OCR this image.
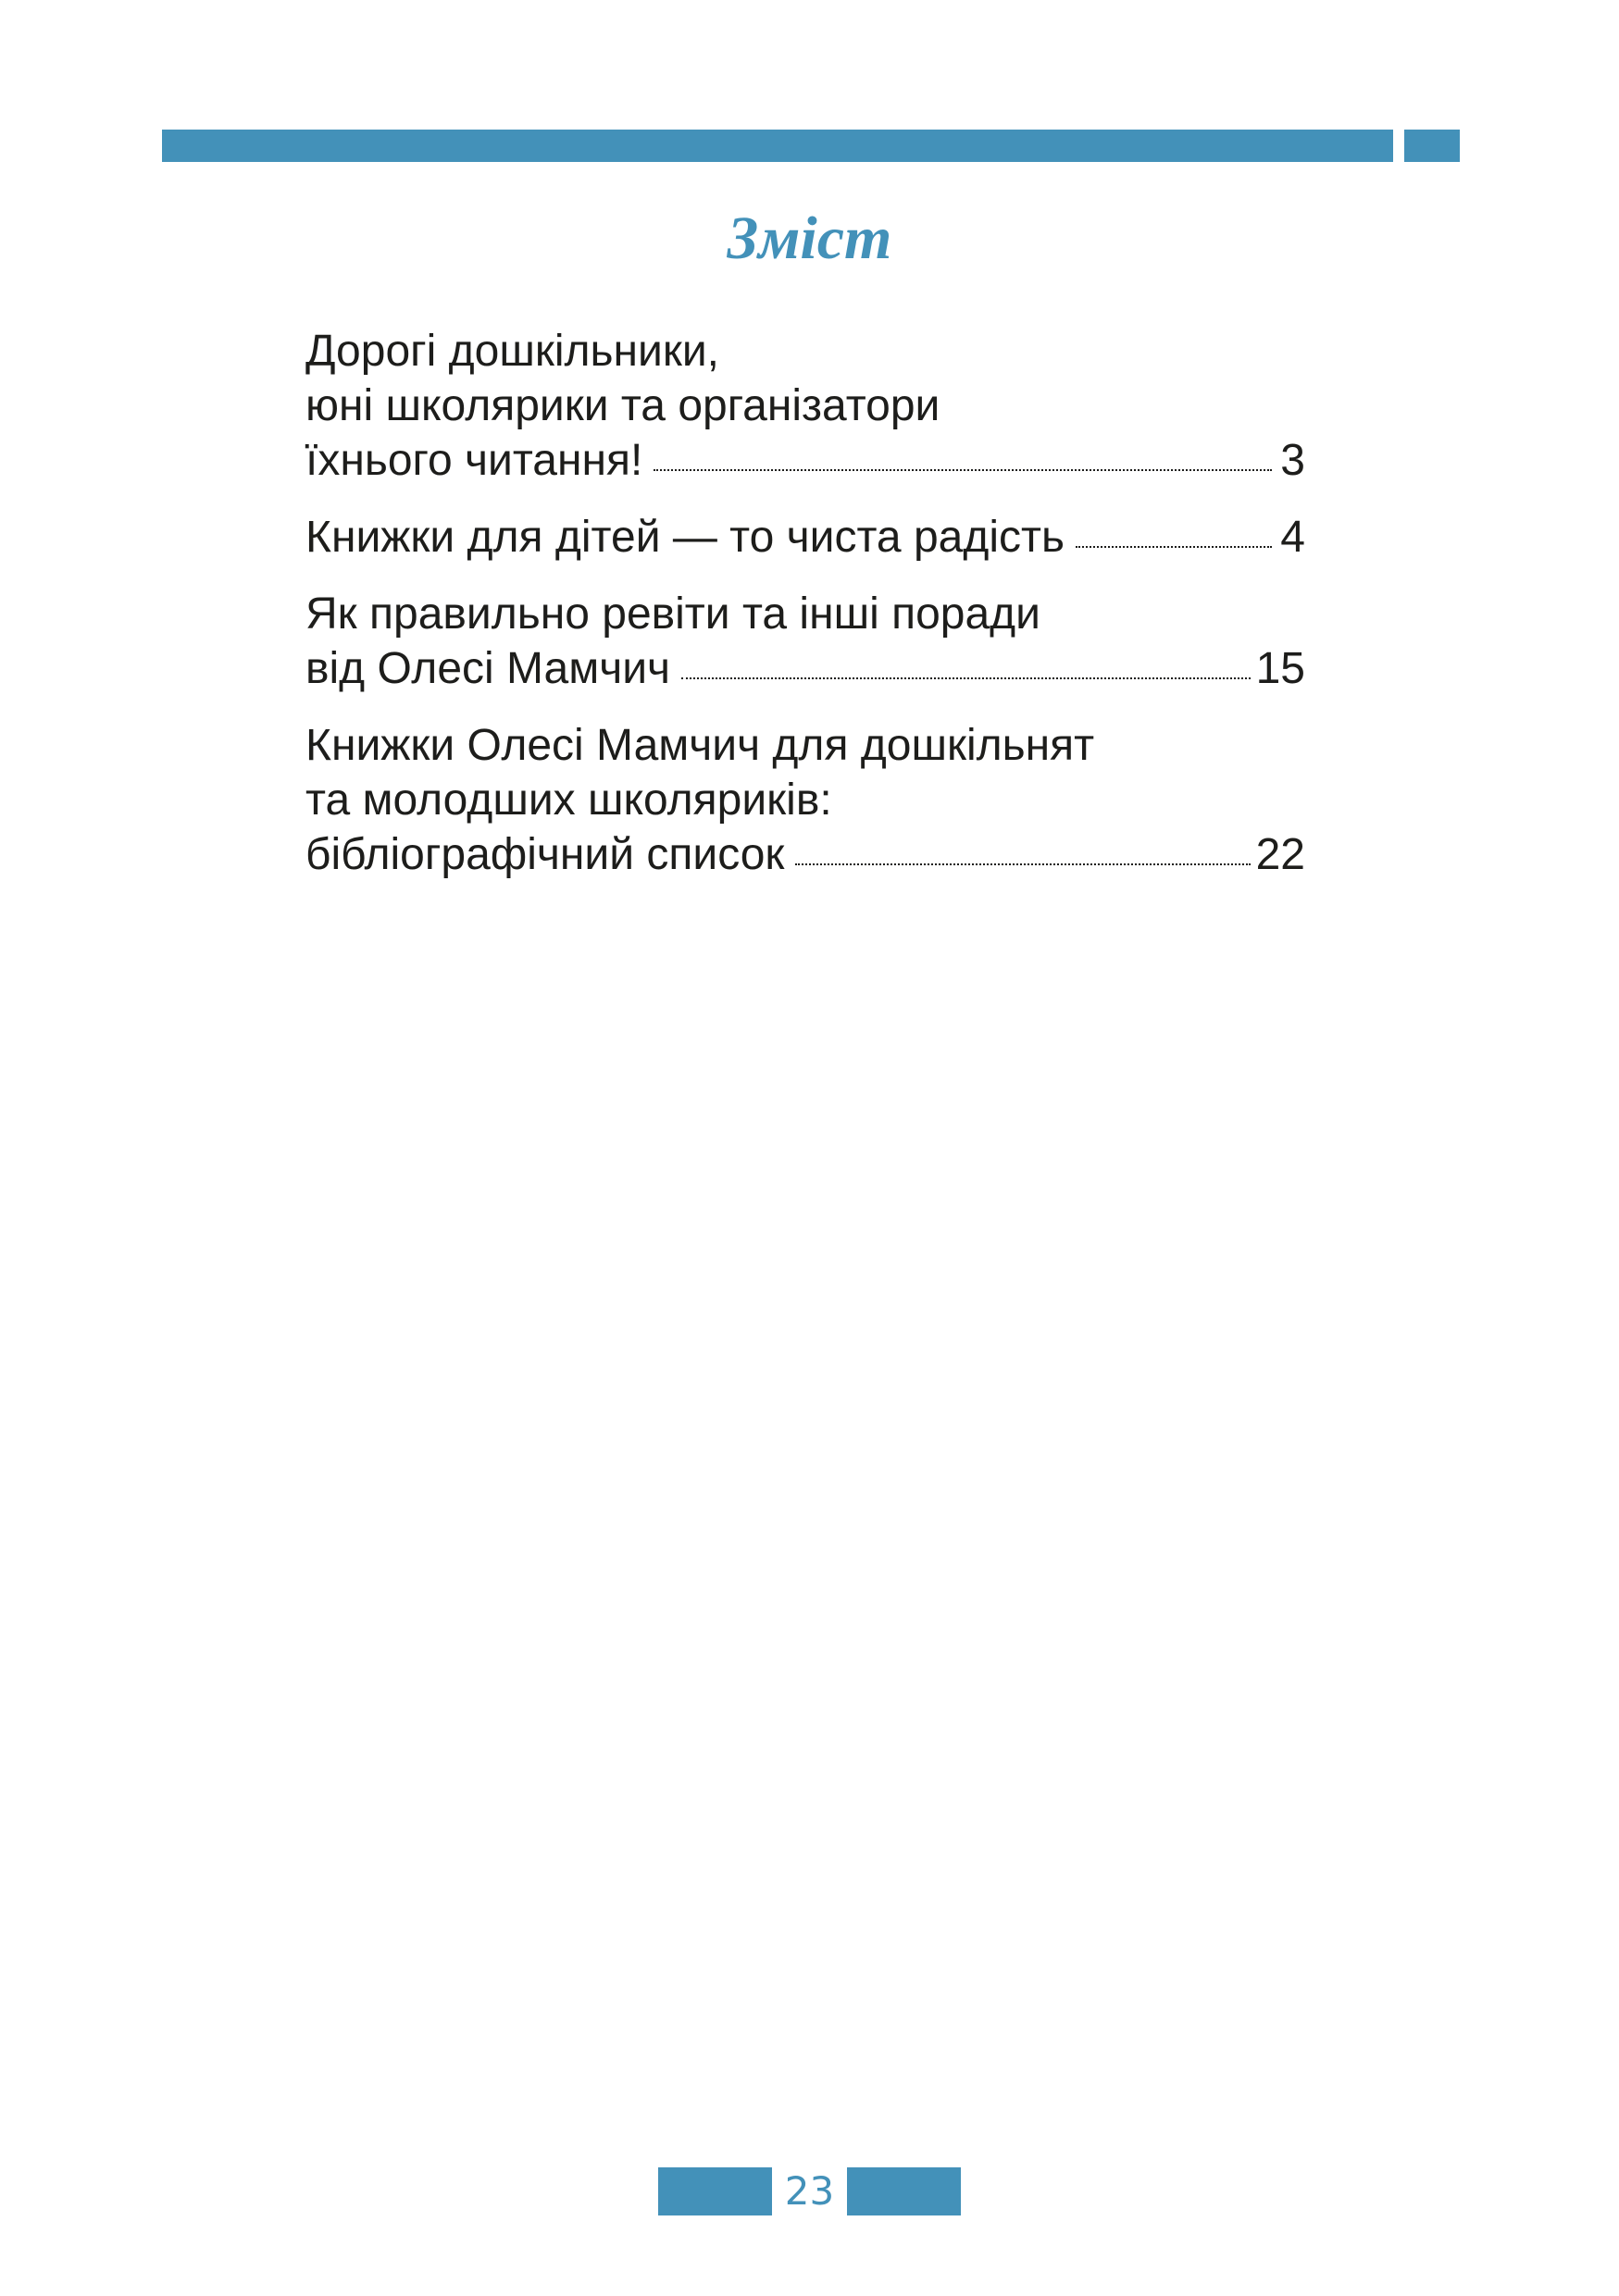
Зміст
Дорогі дошкільники,
юні школярики та організатори
їхнього читання!	3
Книжки для дітей — то чиста радість	4
Як правильно ревіти та інші поради
від Олесі Мамчич	15
Книжки Олесі Мамчич для дошкільнят
та молодших школяриків:
бібліографічний список	22
23
